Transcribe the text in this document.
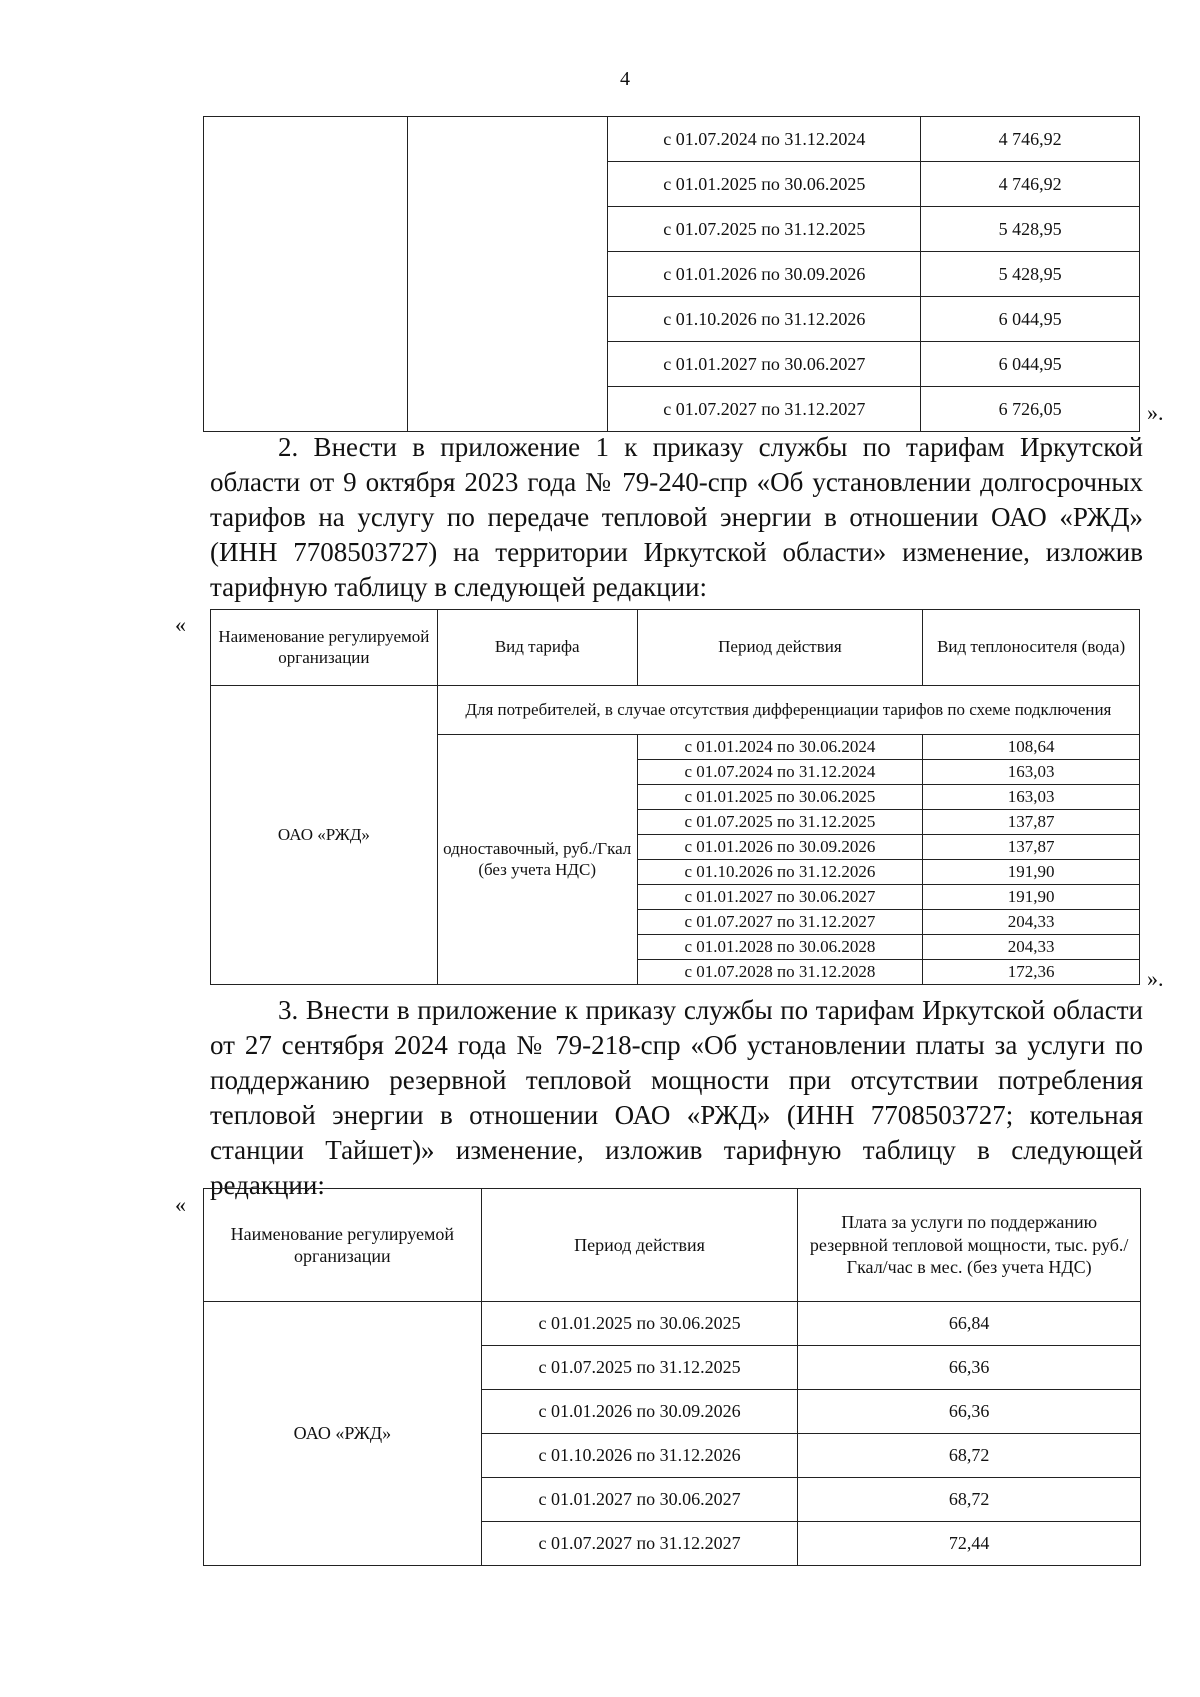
4
		с 01.07.2024 по 31.12.2024	4 746,92
		с 01.01.2025 по 30.06.2025	4 746,92
		с 01.07.2025 по 31.12.2025	5 428,95
		с 01.01.2026 по 30.09.2026	5 428,95
		с 01.10.2026 по 31.12.2026	6 044,95
		с 01.01.2027 по 30.06.2027	6 044,95
		с 01.07.2027 по 31.12.2027	6 726,05	».
2. Внести в приложение 1 к приказу службы по тарифам Иркутской области от 9 октября 2023 года № 79-240-спр «Об установлении долгосрочных тарифов на услугу по передаче тепловой энергии в отношении ОАО «РЖД» (ИНН 7708503727) на территории Иркутской области» изменение, изложив тарифную таблицу в следующей редакции:
« Наименование регулируемой организации	Вид тарифа	Период действия	Вид теплоносителя (вода)
ОАО «РЖД»	Для потребителей, в случае отсутствия дифференциации тарифов по схеме подключения		
	одноставочный, руб./Гкал (без учета НДС)	с 01.01.2024 по 30.06.2024	108,64
		с 01.07.2024 по 31.12.2024	163,03
		с 01.01.2025 по 30.06.2025	163,03
		с 01.07.2025 по 31.12.2025	137,87
		с 01.01.2026 по 30.09.2026	137,87
		с 01.10.2026 по 31.12.2026	191,90
		с 01.01.2027 по 30.06.2027	191,90
		с 01.07.2027 по 31.12.2027	204,33
		с 01.01.2028 по 30.06.2028	204,33
		с 01.07.2028 по 31.12.2028	172,36	».
3. Внести в приложение к приказу службы по тарифам Иркутской области от 27 сентября 2024 года № 79-218-спр «Об установлении платы за услуги по поддержанию резервной тепловой мощности при отсутствии потребления тепловой энергии в отношении ОАО «РЖД» (ИНН 7708503727; котельная станции Тайшет)» изменение, изложив тарифную таблицу в следующей редакции:
«
Наименование регулируемой организации	Период действия	Плата за услуги по поддержанию резервной тепловой мощности, тыс. руб./Гкал/час в мес. (без учета НДС)
ОАО «РЖД»	с 01.01.2025 по 30.06.2025	66,84
	с 01.07.2025 по 31.12.2025	66,36
	с 01.01.2026 по 30.09.2026	66,36
	с 01.10.2026 по 31.12.2026	68,72
	с 01.01.2027 по 30.06.2027	68,72
	с 01.07.2027 по 31.12.2027	72,44
